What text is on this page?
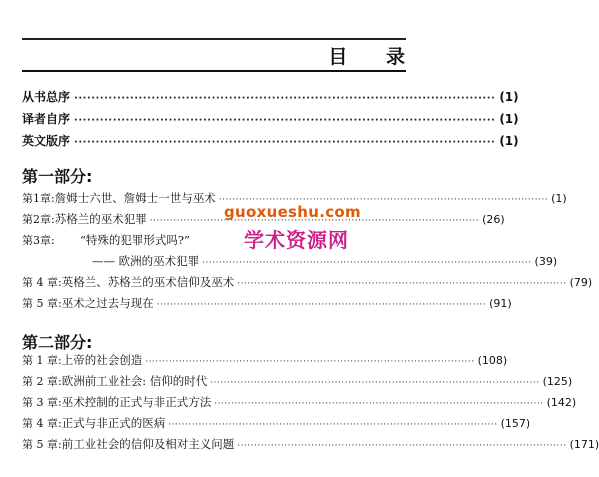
目 录
从书总序 ·································································································· (1)
译者自序 ·································································································· (1)
英文版序 ·································································································· (1)
第一部分:
第1章: 詹姆士六世、詹姆士一世与巫术 ·································································································· (1)
第2章: 苏格兰的巫术犯罪 ·································································································· (26)
第3章:	“特殊的犯罪形式吗?”
—— 欧洲的巫术犯罪 ·································································································· (39)
第 4 章: 英格兰、苏格兰的巫术信仰及巫术 ·································································································· (79)
第 5 章: 巫术之过去与现在 ·································································································· (91)
第二部分:
第 1 章: 上帝的社会创造 ·································································································· (108)
第 2 章: 欧洲前工业社会: 信仰的时代 ·································································································· (125)
第 3 章: 巫术控制的正式与非正式方法 ·································································································· (142)
第 4 章: 正式与非正式的医病 ·································································································· (157)
第 5 章: 前工业社会的信仰及相对主义问题 ·································································································· (171)
guoxueshu.com
学术资源网
